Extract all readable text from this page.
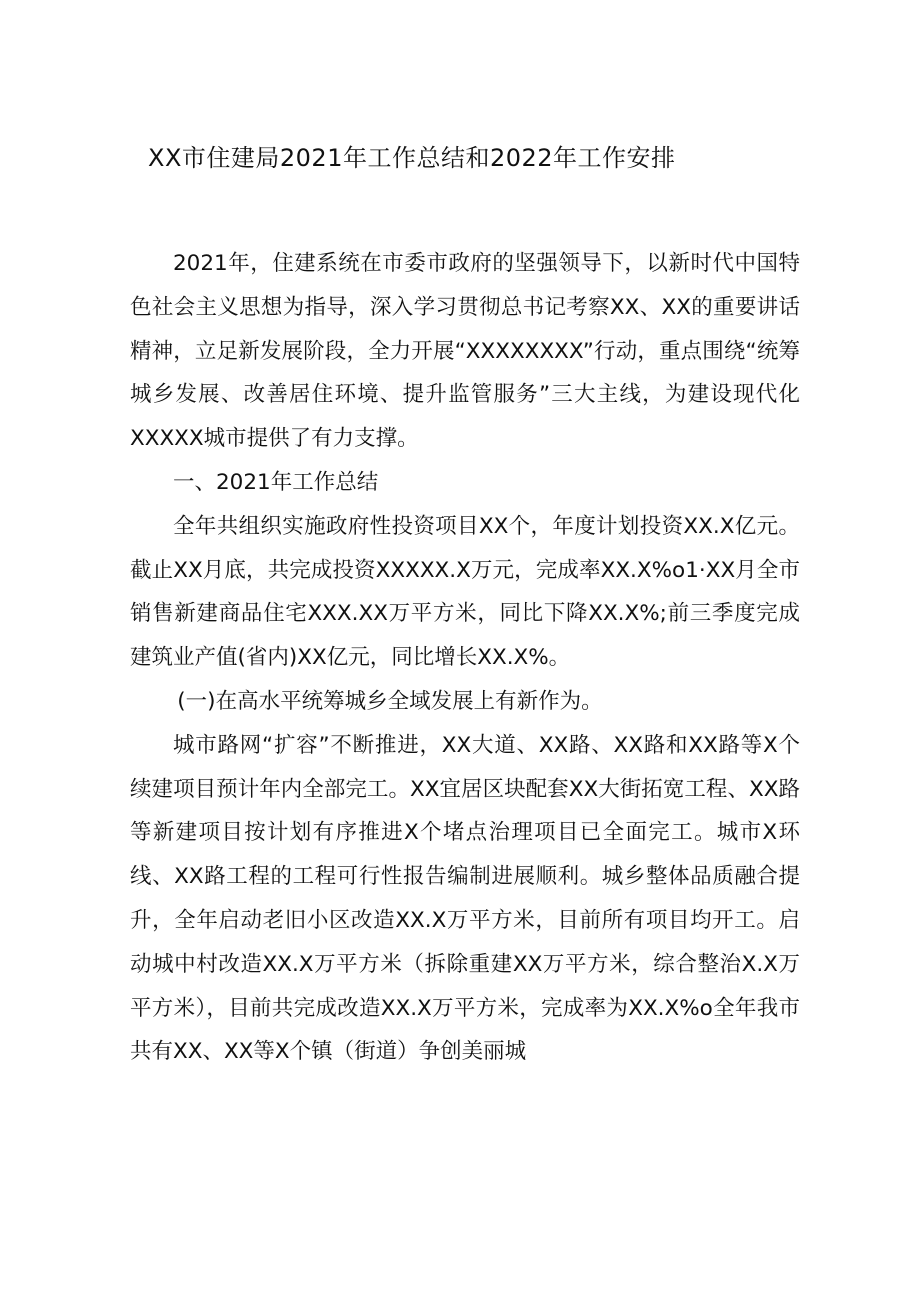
XX市住建局2021年工作总结和2022年工作安排

2021年，住建系统在市委市政府的坚强领导下，以新时代中国特色社会主义思想为指导，深入学习贯彻总书记考察XX、XX的重要讲话精神，立足新发展阶段，全力开展“XXXXXXXX”行动，重点围绕“统筹城乡发展、改善居住环境、提升监管服务”三大主线，为建设现代化XXXXX城市提供了有力支撑。

一、2021年工作总结

全年共组织实施政府性投资项目XX个，年度计划投资XX.X亿元。截止XX月底，共完成投资XXXXX.X万元，完成率XX.X%o1·XX月全市销售新建商品住宅XXX.XX万平方米，同比下降XX.X%;前三季度完成建筑业产值(省内)XX亿元，同比增长XX.X%。

(一)在高水平统筹城乡全域发展上有新作为。

城市路网“扩容”不断推进，XX大道、XX路、XX路和XX路等X个续建项目预计年内全部完工。XX宜居区块配套XX大街拓宽工程、XX路等新建项目按计划有序推进X个堵点治理项目已全面完工。城市X环线、XX路工程的工程可行性报告编制进展顺利。城乡整体品质融合提升，全年启动老旧小区改造XX.X万平方米，目前所有项目均开工。启动城中村改造XX.X万平方米（拆除重建XX万平方米，综合整治X.X万平方米），目前共完成改造XX.X万平方米，完成率为XX.X%o全年我市共有XX、XX等X个镇（街道）争创美丽城
